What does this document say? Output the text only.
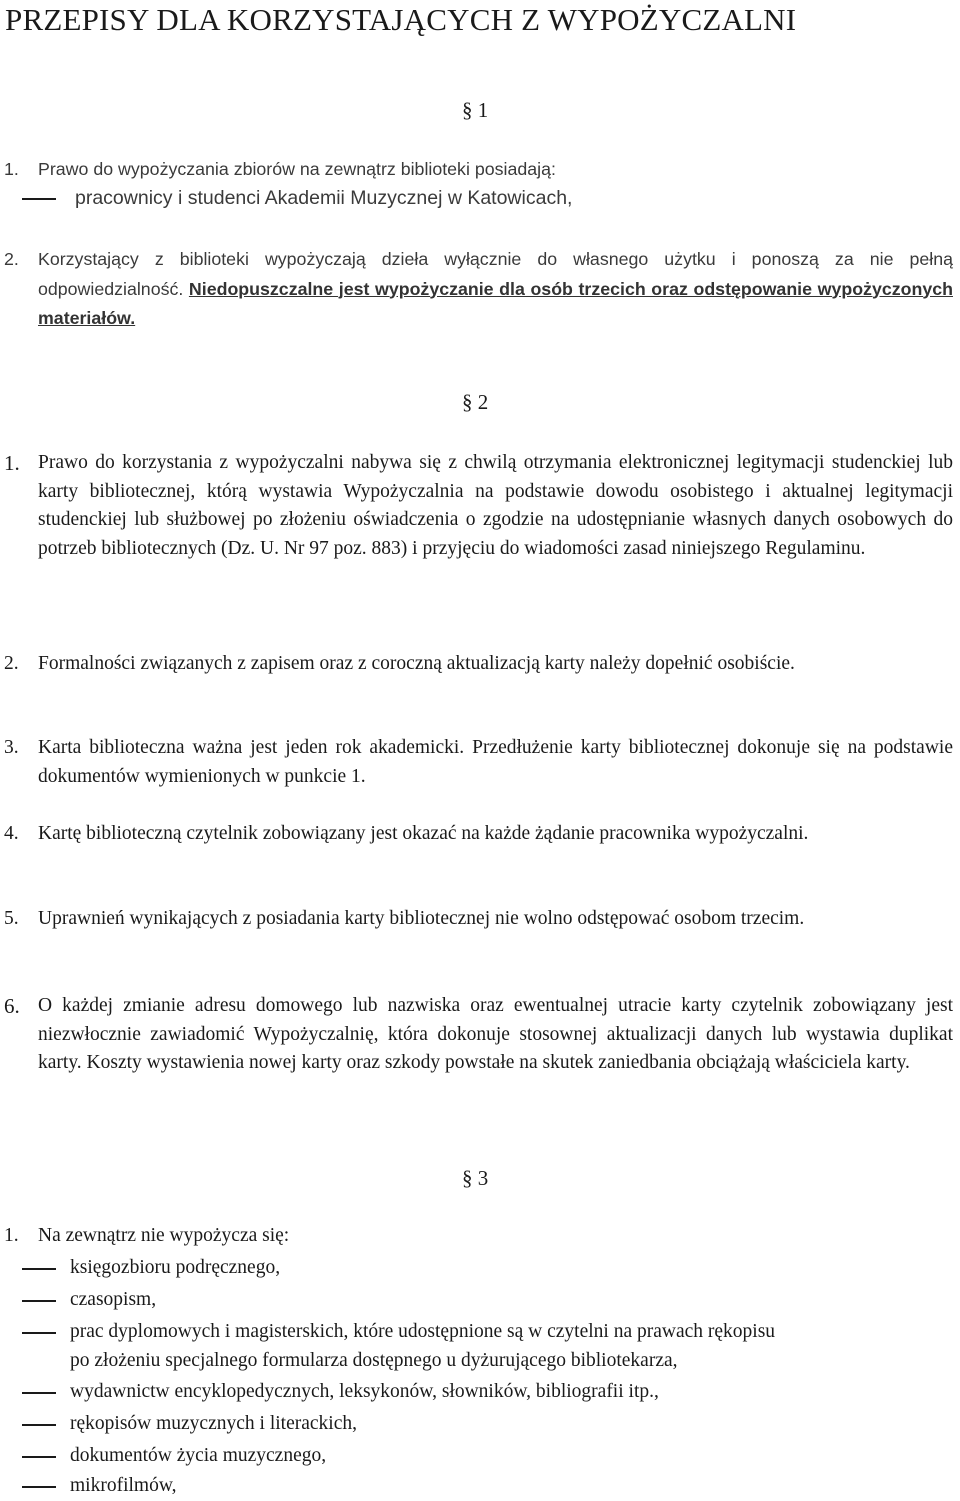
PRZEPISY DLA KORZYSTAJĄCYCH Z WYPOŻYCZALNI
§ 1
1. Prawo do wypożyczania zbiorów na zewnątrz biblioteki posiadają:
pracownicy i studenci Akademii Muzycznej w Katowicach,
2. Korzystający z biblioteki wypożyczają dzieła wyłącznie do własnego użytku i ponoszą za nie pełną odpowiedzialność. Niedopuszczalne jest wypożyczanie dla osób trzecich oraz odstępowanie wypożyczonych materiałów.
§ 2
1. Prawo do korzystania z wypożyczalni nabywa się z chwilą otrzymania elektronicznej legitymacji studenckiej lub karty bibliotecznej, którą wystawia Wypożyczalnia na podstawie dowodu osobistego i aktualnej legitymacji studenckiej lub służbowej po złożeniu oświadczenia o zgodzie na udostępnianie własnych danych osobowych do potrzeb bibliotecznych (Dz. U. Nr 97 poz. 883) i przyjęciu do wiadomości zasad niniejszego Regulaminu.
2. Formalności związanych z zapisem oraz z coroczną aktualizacją karty należy dopełnić osobiście.
3. Karta biblioteczna ważna jest jeden rok akademicki. Przedłużenie karty bibliotecznej dokonuje się na podstawie dokumentów wymienionych w punkcie 1.
4. Kartę biblioteczną czytelnik zobowiązany jest okazać na każde żądanie pracownika wypożyczalni.
5. Uprawnień wynikających z posiadania karty bibliotecznej nie wolno odstępować osobom trzecim.
6. O każdej zmianie adresu domowego lub nazwiska oraz ewentualnej utracie karty czytelnik zobowiązany jest niezwłocznie zawiadomić Wypożyczalnię, która dokonuje stosownej aktualizacji danych lub wystawia duplikat karty. Koszty wystawienia nowej karty oraz szkody powstałe na skutek zaniedbania obciążają właściciela karty.
§ 3
1. Na zewnątrz nie wypożycza się:
księgozbioru podręcznego,
czasopism,
prac dyplomowych i magisterskich, które udostępnione są w czytelni na prawach rękopisu
po złożeniu specjalnego formularza dostępnego u dyżurującego bibliotekarza,
wydawnictw encyklopedycznych, leksykonów, słowników, bibliografii itp.,
rękopisów muzycznych i literackich,
dokumentów życia muzycznego,
mikrofilmów,
